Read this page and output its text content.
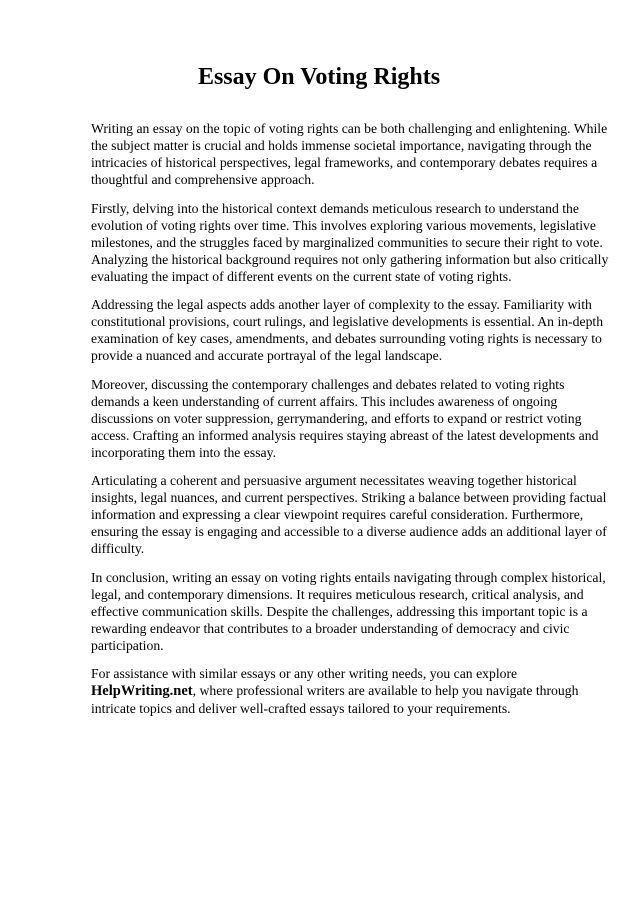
Essay On Voting Rights

Writing an essay on the topic of voting rights can be both challenging and enlightening. While the subject matter is crucial and holds immense societal importance, navigating through the intricacies of historical perspectives, legal frameworks, and contemporary debates requires a thoughtful and comprehensive approach.

Firstly, delving into the historical context demands meticulous research to understand the evolution of voting rights over time. This involves exploring various movements, legislative milestones, and the struggles faced by marginalized communities to secure their right to vote. Analyzing the historical background requires not only gathering information but also critically evaluating the impact of different events on the current state of voting rights.

Addressing the legal aspects adds another layer of complexity to the essay. Familiarity with constitutional provisions, court rulings, and legislative developments is essential. An in-depth examination of key cases, amendments, and debates surrounding voting rights is necessary to provide a nuanced and accurate portrayal of the legal landscape.

Moreover, discussing the contemporary challenges and debates related to voting rights demands a keen understanding of current affairs. This includes awareness of ongoing discussions on voter suppression, gerrymandering, and efforts to expand or restrict voting access. Crafting an informed analysis requires staying abreast of the latest developments and incorporating them into the essay.

Articulating a coherent and persuasive argument necessitates weaving together historical insights, legal nuances, and current perspectives. Striking a balance between providing factual information and expressing a clear viewpoint requires careful consideration. Furthermore, ensuring the essay is engaging and accessible to a diverse audience adds an additional layer of difficulty.

In conclusion, writing an essay on voting rights entails navigating through complex historical, legal, and contemporary dimensions. It requires meticulous research, critical analysis, and effective communication skills. Despite the challenges, addressing this important topic is a rewarding endeavor that contributes to a broader understanding of democracy and civic participation.

For assistance with similar essays or any other writing needs, you can explore HelpWriting.net, where professional writers are available to help you navigate through intricate topics and deliver well-crafted essays tailored to your requirements.
